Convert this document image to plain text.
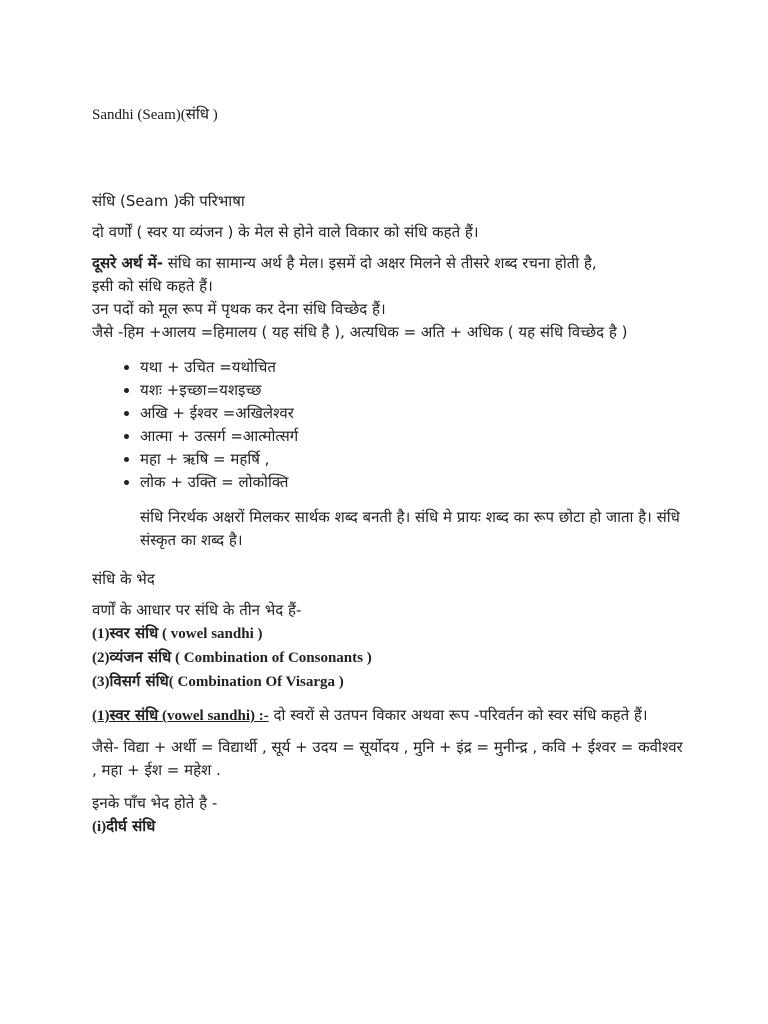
Sandhi (Seam)(संधि )

संधि (Seam )की परिभाषा

दो वर्णों ( स्वर या व्यंजन ) के मेल से होने वाले विकार को संधि कहते हैं।

दूसरे अर्थ में- संधि का सामान्य अर्थ है मेल। इसमें दो अक्षर मिलने से तीसरे शब्द रचना होती है,

इसी को संधि कहते हैं।

उन पदों को मूल रूप में पृथक कर देना संधि विच्छेद हैं।

जैसे -हिम +आलय =हिमालय ( यह संधि है ), अत्यधिक = अति + अधिक ( यह संधि विच्छेद है )

• यथा + उचित =यथोचित
• यशः +इच्छा=यशइच्छ
• अखि + ईश्वर =अखिलेश्वर
• आत्मा + उत्सर्ग =आत्मोत्सर्ग
• महा + ऋषि = महर्षि ,
• लोक + उक्ति = लोकोक्ति

संधि निरर्थक अक्षरों मिलकर सार्थक शब्द बनती है। संधि मे प्रायः शब्द का रूप छोटा हो जाता है। संधि संस्कृत का शब्द है।

संधि के भेद

वर्णों के आधार पर संधि के तीन भेद हैं-

(1)स्वर संधि ( vowel sandhi )

(2)व्यंजन संधि ( Combination of Consonants )

(3)विसर्ग संधि( Combination Of Visarga )

(1)स्वर संधि (vowel sandhi) :- दो स्वरों से उतपन विकार अथवा रूप -परिवर्तन को स्वर संधि कहते हैं।

जैसे- विद्या + अर्थी = विद्यार्थी , सूर्य + उदय = सूर्योदय , मुनि + इंद्र = मुनीन्द्र , कवि + ईश्वर = कवीश्वर , महा + ईश = महेश .

इनके पाँच भेद होते है -

(i)दीर्घ संधि
